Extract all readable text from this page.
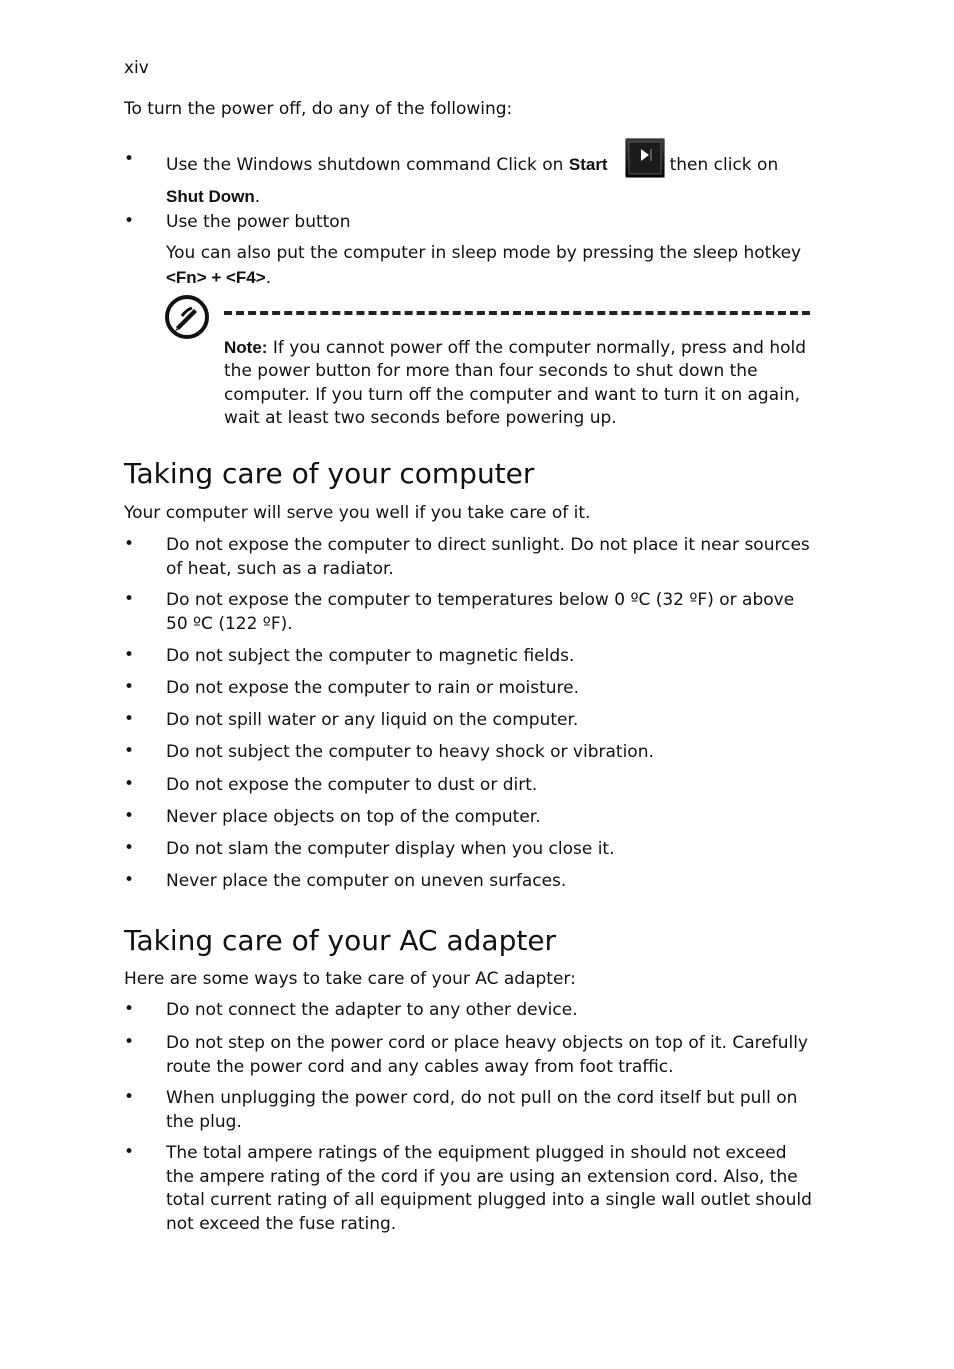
xiv
To turn the power off, do any of the following:
• Use the Windows shutdown command Click on Start	then click on
Shut Down.
• Use the power button
You can also put the computer in sleep mode by pressing the sleep hotkey
<Fn> + <F4>.
Note: If you cannot power off the computer normally, press and hold the power button for more than four seconds to shut down the computer. If you turn off the computer and want to turn it on again, wait at least two seconds before powering up.
Taking care of your computer
Your computer will serve you well if you take care of it.
• Do not expose the computer to direct sunlight. Do not place it near sources of heat, such as a radiator.
• Do not expose the computer to temperatures below 0 ºC (32 ºF) or above 50 ºC (122 ºF).
• Do not subject the computer to magnetic fields.
• Do not expose the computer to rain or moisture.
• Do not spill water or any liquid on the computer.
• Do not subject the computer to heavy shock or vibration.
• Do not expose the computer to dust or dirt.
• Never place objects on top of the computer.
• Do not slam the computer display when you close it.
• Never place the computer on uneven surfaces.
Taking care of your AC adapter
Here are some ways to take care of your AC adapter:
• Do not connect the adapter to any other device.
• Do not step on the power cord or place heavy objects on top of it. Carefully route the power cord and any cables away from foot traffic.
• When unplugging the power cord, do not pull on the cord itself but pull on the plug.
• The total ampere ratings of the equipment plugged in should not exceed the ampere rating of the cord if you are using an extension cord. Also, the total current rating of all equipment plugged into a single wall outlet should not exceed the fuse rating.
